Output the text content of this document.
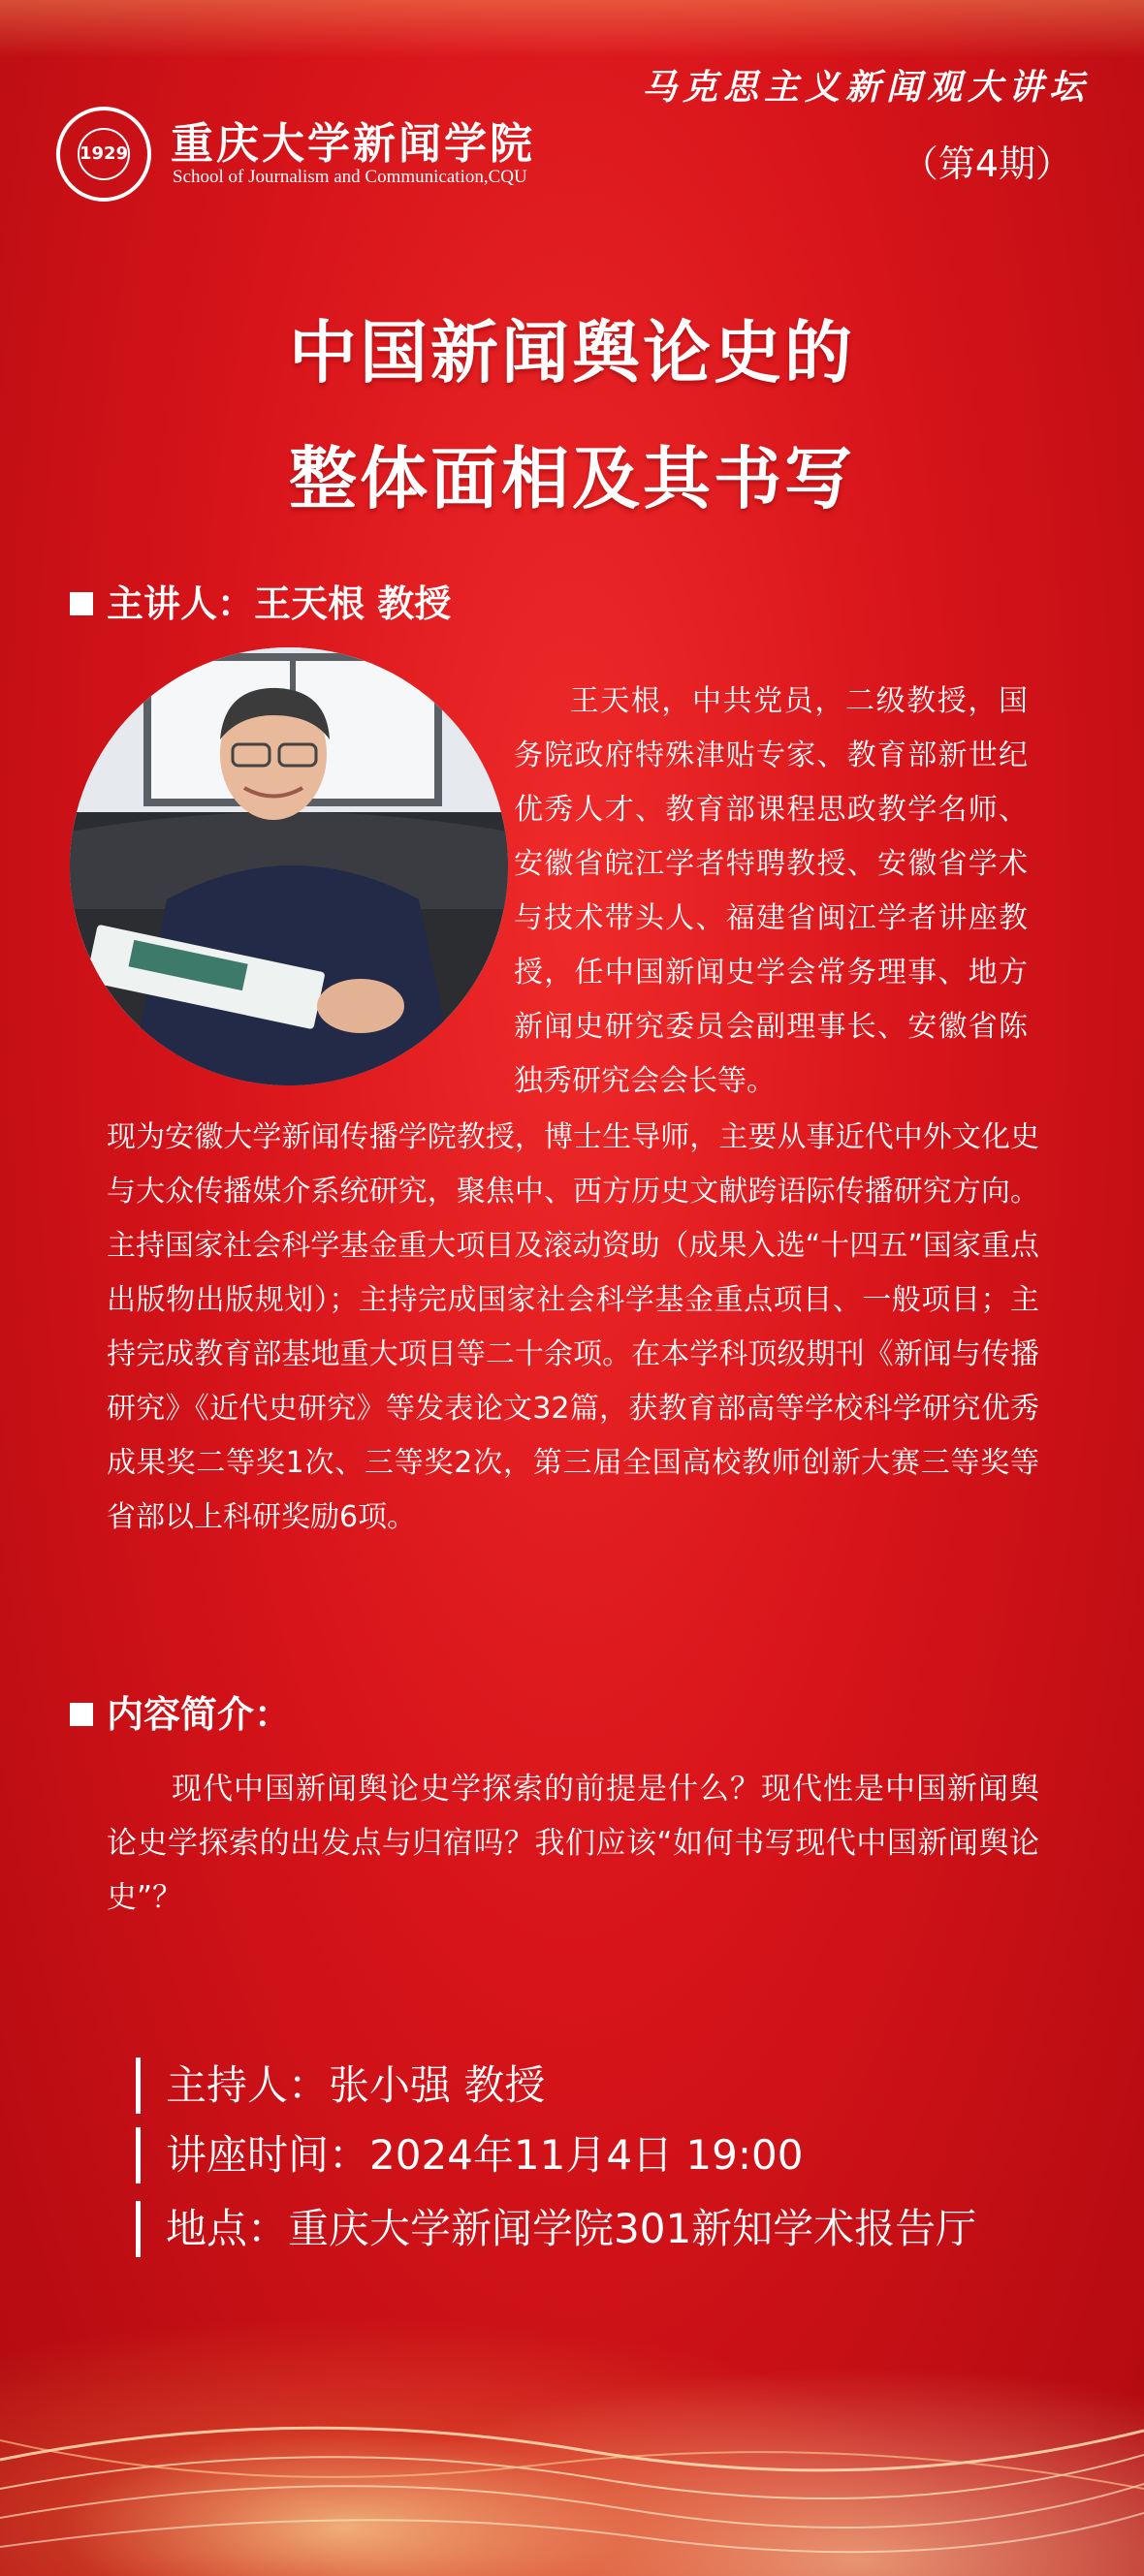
1929 重庆大学新闻学院
School of Journalism and Communication,CQU
马克思主义新闻观大讲坛
（第4期）
中国新闻舆论史的
整体面相及其书写
主讲人：王天根 教授
王天根，中共党员，二级教授，国务院政府特殊津贴专家、教育部新世纪优秀人才、教育部课程思政教学名师、安徽省皖江学者特聘教授、安徽省学术与技术带头人、福建省闽江学者讲座教授，任中国新闻史学会常务理事、地方新闻史研究委员会副理事长、安徽省陈独秀研究会会长等。
现为安徽大学新闻传播学院教授，博士生导师，主要从事近代中外文化史与大众传播媒介系统研究，聚焦中、西方历史文献跨语际传播研究方向。主持国家社会科学基金重大项目及滚动资助（成果入选“十四五”国家重点出版物出版规划）；主持完成国家社会科学基金重点项目、一般项目；主持完成教育部基地重大项目等二十余项。在本学科顶级期刊《新闻与传播研究》《近代史研究》等发表论文32篇，获教育部高等学校科学研究优秀成果奖二等奖1次、三等奖2次，第三届全国高校教师创新大赛三等奖等省部以上科研奖励6项。
内容简介：
现代中国新闻舆论史学探索的前提是什么？现代性是中国新闻舆论史学探索的出发点与归宿吗？我们应该“如何书写现代中国新闻舆论史”？
主持人：张小强 教授
讲座时间：2024年11月4日 19:00
地点：重庆大学新闻学院301新知学术报告厅
